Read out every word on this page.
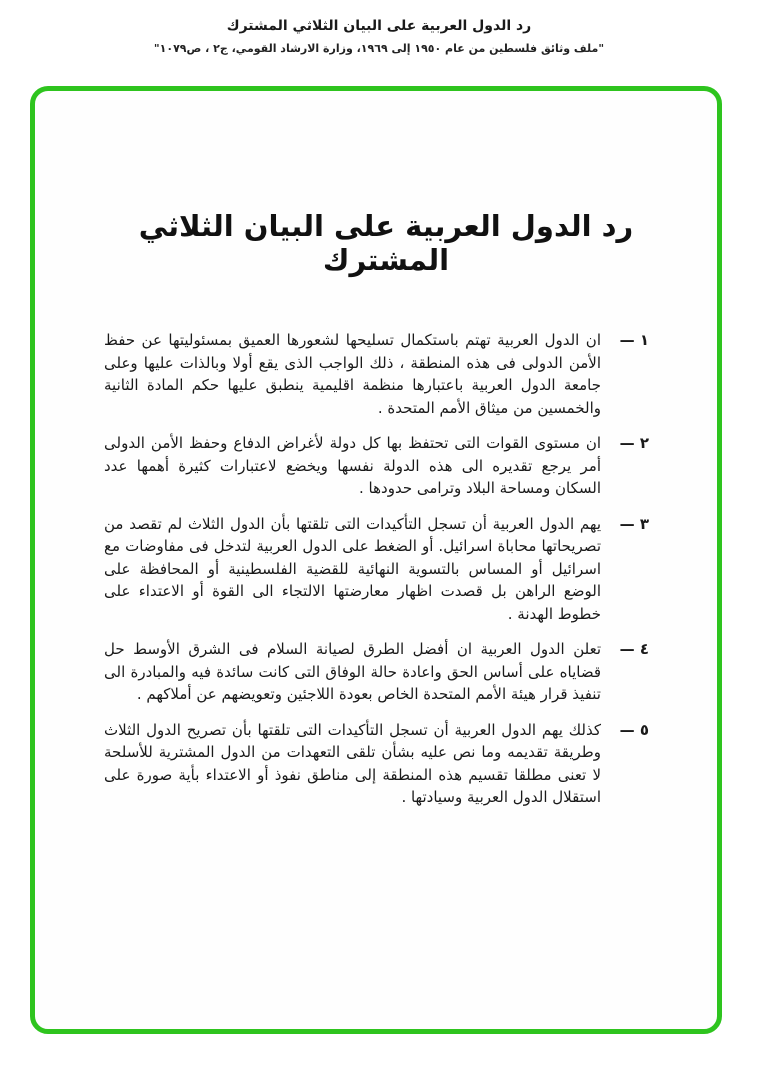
رد الدول العربية على البيان الثلاثي المشترك

"ملف وثائق فلسطين من عام ١٩٥٠ إلى ١٩٦٩، وزارة الارشاد القومي، ج٢ ، ص١٠٧٩"

رد الدول العربية على البيان الثلاثي المشترك
١ —
ان الدول العربية تهتم باستكمال تسليحها لشعورها العميق بمسئوليتها عن حفظ الأمن الدولى فى هذه المنطقة ، ذلك الواجب الذى يقع أولا وبالذات عليها وعلى جامعة الدول العربية باعتبارها منظمة اقليمية ينطبق عليها حكم المادة الثانية والخمسين من ميثاق الأمم المتحدة .
٢ —
ان مستوى القوات التى تحتفظ بها كل دولة لأغراض الدفاع وحفظ الأمن الدولى أمر يرجع تقديره الى هذه الدولة نفسها ويخضع لاعتبارات كثيرة أهمها عدد السكان ومساحة البلاد وترامى حدودها .
٣ —
يهم الدول العربية أن تسجل التأكيدات التى تلقتها بأن الدول الثلاث لم تقصد من تصريحاتها محاباة اسرائيل. أو الضغط على الدول العربية لتدخل فى مفاوضات مع اسرائيل أو المساس بالتسوية النهائية للقضية الفلسطينية أو المحافظة على الوضع الراهن بل قصدت اظهار معارضتها الالتجاء الى القوة أو الاعتداء على خطوط الهدنة .
٤ —
تعلن الدول العربية ان أفضل الطرق لصيانة السلام فى الشرق الأوسط حل قضاياه على أساس الحق واعادة حالة الوفاق التى كانت سائدة فيه والمبادرة الى تنفيذ قرار هيئة الأمم المتحدة الخاص بعودة اللاجئين وتعويضهم عن أملاكهم .
٥ —
كذلك يهم الدول العربية أن تسجل التأكيدات التى تلقتها بأن تصريح الدول الثلاث وطريقة تقديمه وما نص عليه بشأن تلقى التعهدات من الدول المشترية للأسلحة لا تعنى مطلقا تقسيم هذه المنطقة إلى مناطق نفوذ أو الاعتداء بأية صورة على استقلال الدول العربية وسيادتها .
